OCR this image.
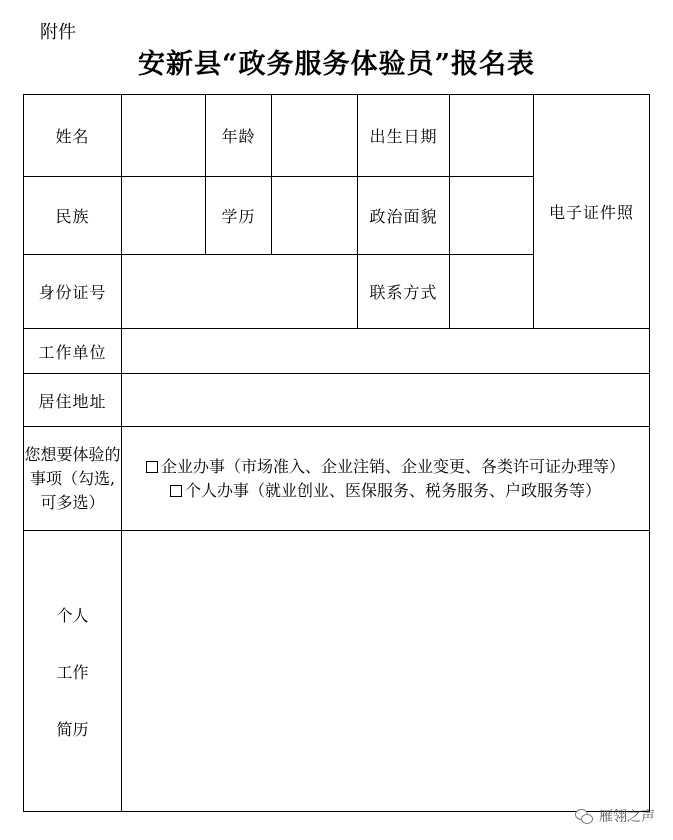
附件
安新县“政务服务体验员”报名表
姓名		年龄		出生日期		电子证件照
民族		学历		政治面貌		
身份证号				联系方式		
工作单位						
居住地址						
您想要体验的事项（勾选,可多选）	企业办事（市场准入、企业注销、企业变更、各类许可证办理等）
个人办事（就业创业、医保服务、税务服务、户政服务等）					

个人
工作
简历						

雁翎之声
